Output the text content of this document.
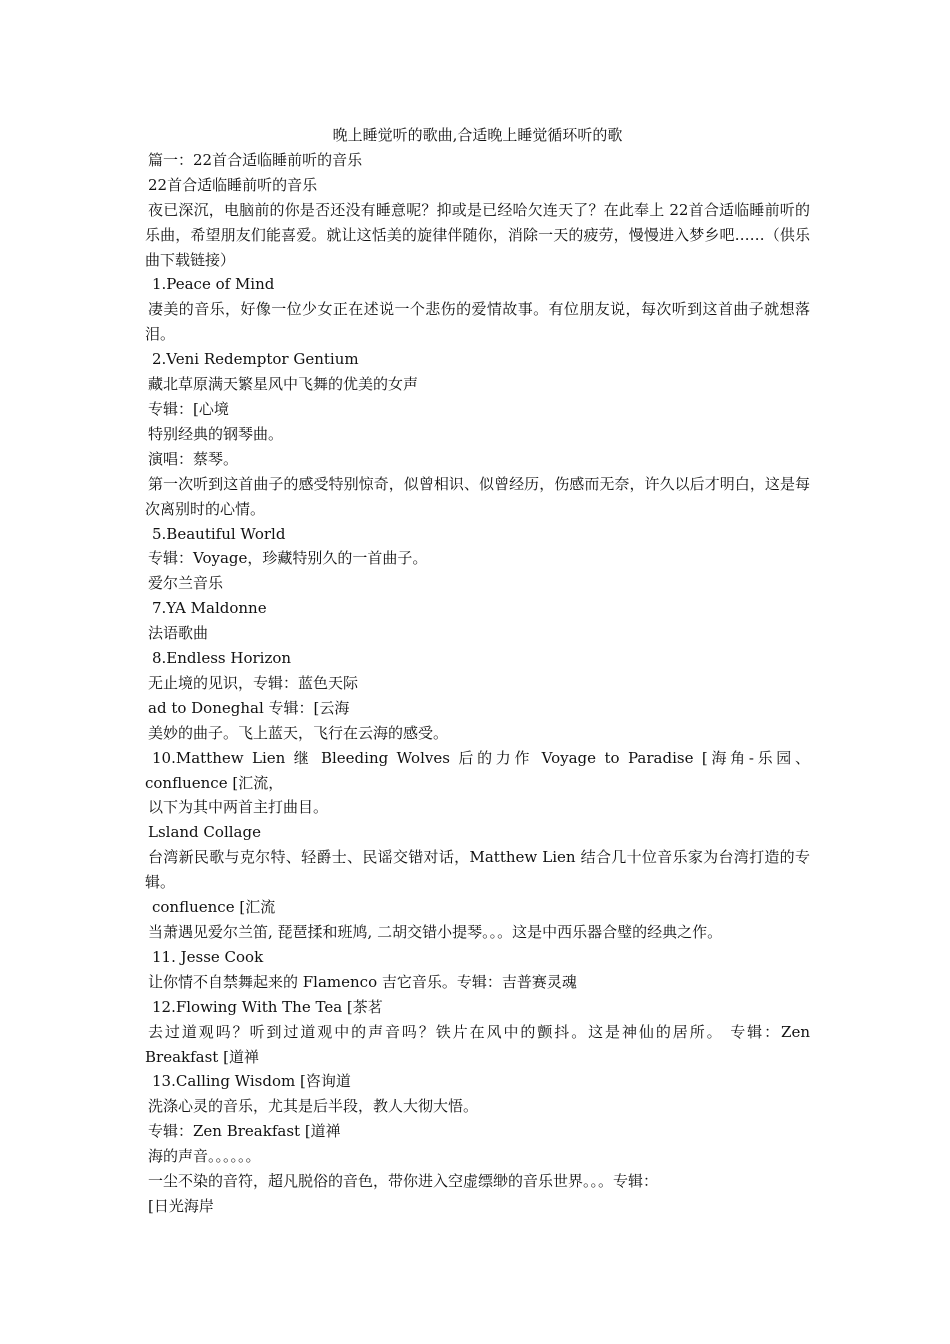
晚上睡觉听的歌曲,合适晚上睡觉循环听的歌

篇一：22首合适临睡前听的音乐

22首合适临睡前听的音乐

夜已深沉，电脑前的你是否还没有睡意呢？抑或是已经哈欠连天了？在此奉上 22首合适临睡前听的乐曲，希望朋友们能喜爱。就让这恬美的旋律伴随你，消除一天的疲劳，慢慢进入梦乡吧……（供乐曲下载链接）

1.Peace of Mind

凄美的音乐，好像一位少女正在述说一个悲伤的爱情故事。有位朋友说，每次听到这首曲子就想落泪。

2.Veni Redemptor Gentium

藏北草原满天繁星风中飞舞的优美的女声

专辑：[心境

特别经典的钢琴曲。

演唱：蔡琴。

第一次听到这首曲子的感受特别惊奇，似曾相识、似曾经历，伤感而无奈，许久以后才明白，这是每次离别时的心情。

5.Beautiful World

专辑：Voyage，珍藏特别久的一首曲子。

爱尔兰音乐

7.YA Maldonne

法语歌曲

8.Endless Horizon

无止境的见识，专辑：蓝色天际

ad to Doneghal 专辑：[云海

美妙的曲子。飞上蓝天，飞行在云海的感受。

10.Matthew Lien 继 Bleeding Wolves 后的力作 Voyage to Paradise [海角-乐园、confluence [汇流，

以下为其中两首主打曲目。

Lsland Collage

台湾新民歌与克尔特、轻爵士、民谣交错对话，Matthew Lien 结合几十位音乐家为台湾打造的专辑。

confluence [汇流

当萧遇见爱尔兰笛, 琵琶揉和班鸠, 二胡交错小提琴。。。这是中西乐器合璧的经典之作。

11. Jesse Cook

让你情不自禁舞起来的 Flamenco 吉它音乐。专辑：吉普赛灵魂

12.Flowing With The Tea [茶茗

去过道观吗？听到过道观中的声音吗？铁片在风中的颤抖。这是神仙的居所。 专辑：Zen Breakfast [道禅

13.Calling Wisdom [咨询道

洗涤心灵的音乐，尤其是后半段，教人大彻大悟。

专辑：Zen Breakfast [道禅

海的声音。。。。。。

一尘不染的音符，超凡脱俗的音色，带你进入空虚缥缈的音乐世界。。。专辑：

[日光海岸
